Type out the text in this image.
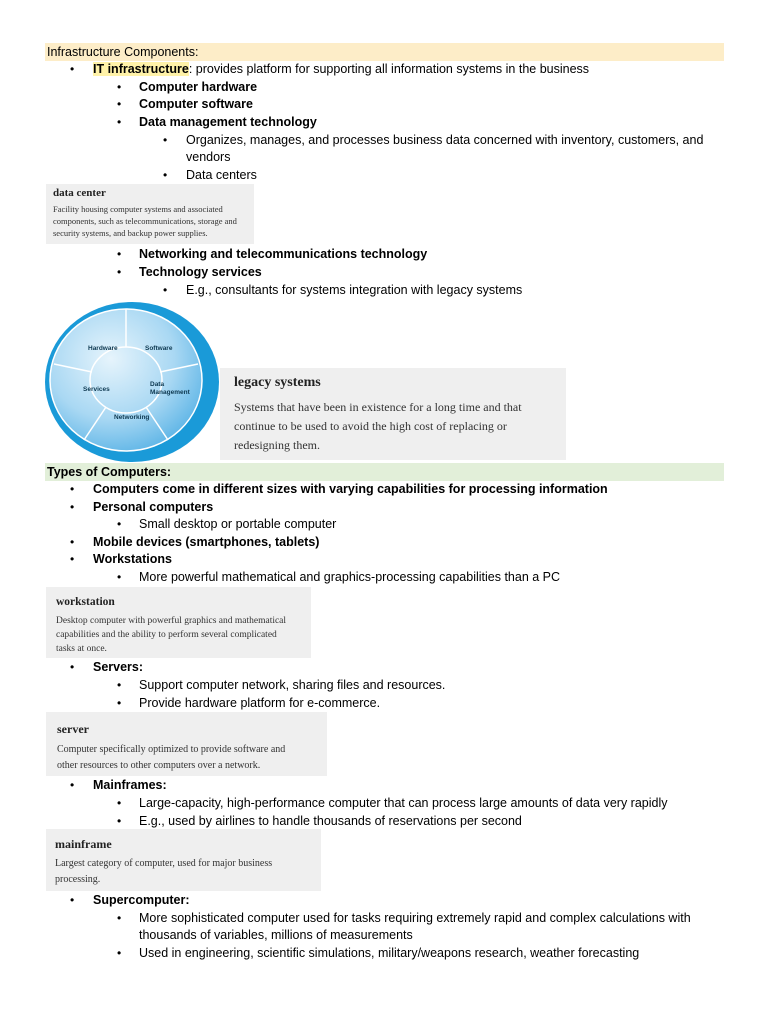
Infrastructure Components:
• IT infrastructure: provides platform for supporting all information systems in the business
• Computer hardware
• Computer software
• Data management technology
• Organizes, manages, and processes business data concerned with inventory, customers, and
vendors
• Data centers
data center
Facility housing computer systems and associated
components, such as telecommunications, storage and
security systems, and backup power supplies.
• Networking and telecommunications technology
• Technology services
• E.g., consultants for systems integration with legacy systems
Hardware	Software
Services
Data
Management
Networking
legacy systems
Systems that have been in existence for a long time and that
continue to be used to avoid the high cost of replacing or
redesigning them.
Types of Computers:
• Computers come in different sizes with varying capabilities for processing information
• Personal computers
• Small desktop or portable computer
• Mobile devices (smartphones, tablets)
• Workstations
• More powerful mathematical and graphics-processing capabilities than a PC
workstation
Desktop computer with powerful graphics and mathematical
capabilities and the ability to perform several complicated
tasks at once.
• Servers:
• Support computer network, sharing files and resources.
• Provide hardware platform for e-commerce.
server
Computer specifically optimized to provide software and
other resources to other computers over a network.
• Mainframes:
• Large-capacity, high-performance computer that can process large amounts of data very rapidly
• E.g., used by airlines to handle thousands of reservations per second
mainframe
Largest category of computer, used for major business
processing.
• Supercomputer:
• More sophisticated computer used for tasks requiring extremely rapid and complex calculations with
thousands of variables, millions of measurements
• Used in engineering, scientific simulations, military/weapons research, weather forecasting
